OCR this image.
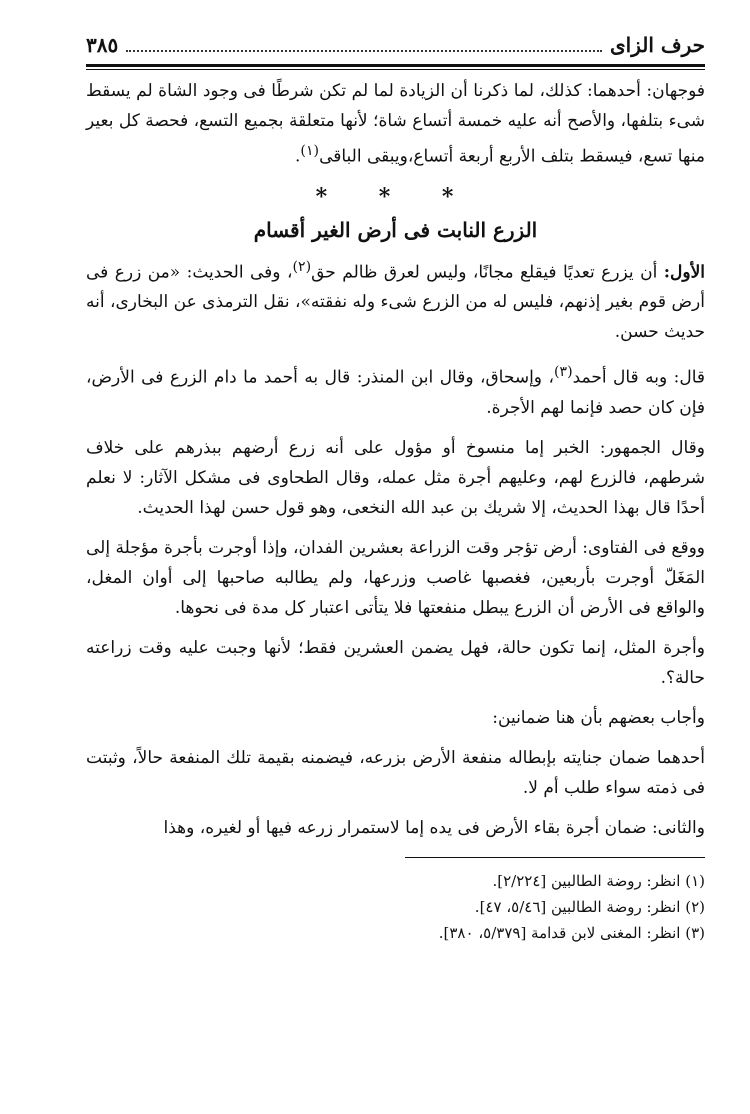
حرف الزاى
٣٨٥

فوجهان: أحدهما: كذلك، لما ذكرنا أن الزيادة لما لم تكن شرطًا فى وجود الشاة لم يسقط شىء بتلفها، والأصح أنه عليه خمسة أتساع شاة؛ لأنها متعلقة بجميع التسع، فحصة كل بعير منها تسع، فيسقط بتلف الأربع أربعة أتساع،ويبقى الباقى$^{(١)}$.

* * *
الزرع النابت فى أرض الغير أقسام

الأول: أن يزرع تعديًا فيقلع مجانًا، وليس لعرق ظالم حق$^{(٢)}$، وفى الحديث: «من زرع فى أرض قوم بغير إذنهم، فليس له من الزرع شىء وله نفقته»، نقل الترمذى عن البخارى، أنه حديث حسن.

قال: وبه قال أحمد$^{(٣)}$، وإسحاق، وقال ابن المنذر: قال به أحمد ما دام الزرع فى الأرض، فإن كان حصد فإنما لهم الأجرة.

وقال الجمهور: الخبر إما منسوخ أو مؤول على أنه زرع أرضهم ببذرهم على خلاف شرطهم، فالزرع لهم، وعليهم أجرة مثل عمله، وقال الطحاوى فى مشكل الآثار: لا نعلم أحدًا قال بهذا الحديث، إلا شريك بن عبد الله النخعى، وهو قول حسن لهذا الحديث.

ووقع فى الفتاوى: أرض تؤجر وقت الزراعة بعشرين الفدان، وإذا أوجرت بأجرة مؤجلة إلى المَغَلّ أوجرت بأربعين، فغصبها غاصب وزرعها، ولم يطالبه صاحبها إلى أوان المغل، والواقع فى الأرض أن الزرع يبطل منفعتها فلا يتأتى اعتبار كل مدة فى نحوها.

وأجرة المثل، إنما تكون حالة، فهل يضمن العشرين فقط؛ لأنها وجبت عليه وقت زراعته حالة؟.

وأجاب بعضهم بأن هنا ضمانين:

أحدهما ضمان جنايته بإبطاله منفعة الأرض بزرعه، فيضمنه بقيمة تلك المنفعة حالاً، وثبتت فى ذمته سواء طلب أم لا.

والثانى: ضمان أجرة بقاء الأرض فى يده إما لاستمرار زرعه فيها أو لغيره، وهذا

(١) انظر: روضة الطالبين [٢/٢٢٤].

(٢) انظر: روضة الطالبين [٥/٤٦، ٤٧].

(٣) انظر: المغنى لابن قدامة [٥/٣٧٩، ٣٨٠].
